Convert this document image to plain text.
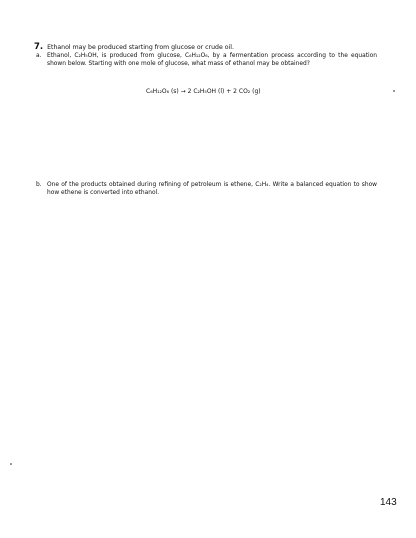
7. Ethanol may be produced starting from glucose or crude oil.
a. Ethanol, C₂H₅OH, is produced from glucose, C₆H₁₂O₆, by a fermentation process according to the equation shown below. Starting with one mole of glucose, what mass of ethanol may be obtained?

C₆H₁₂O₆ (s) → 2 C₂H₅OH (l) + 2 CO₂ (g)
b. One of the products obtained during refining of petroleum is ethene, C₂H₄. Write a balanced equation to show how ethene is converted into ethanol.

143
